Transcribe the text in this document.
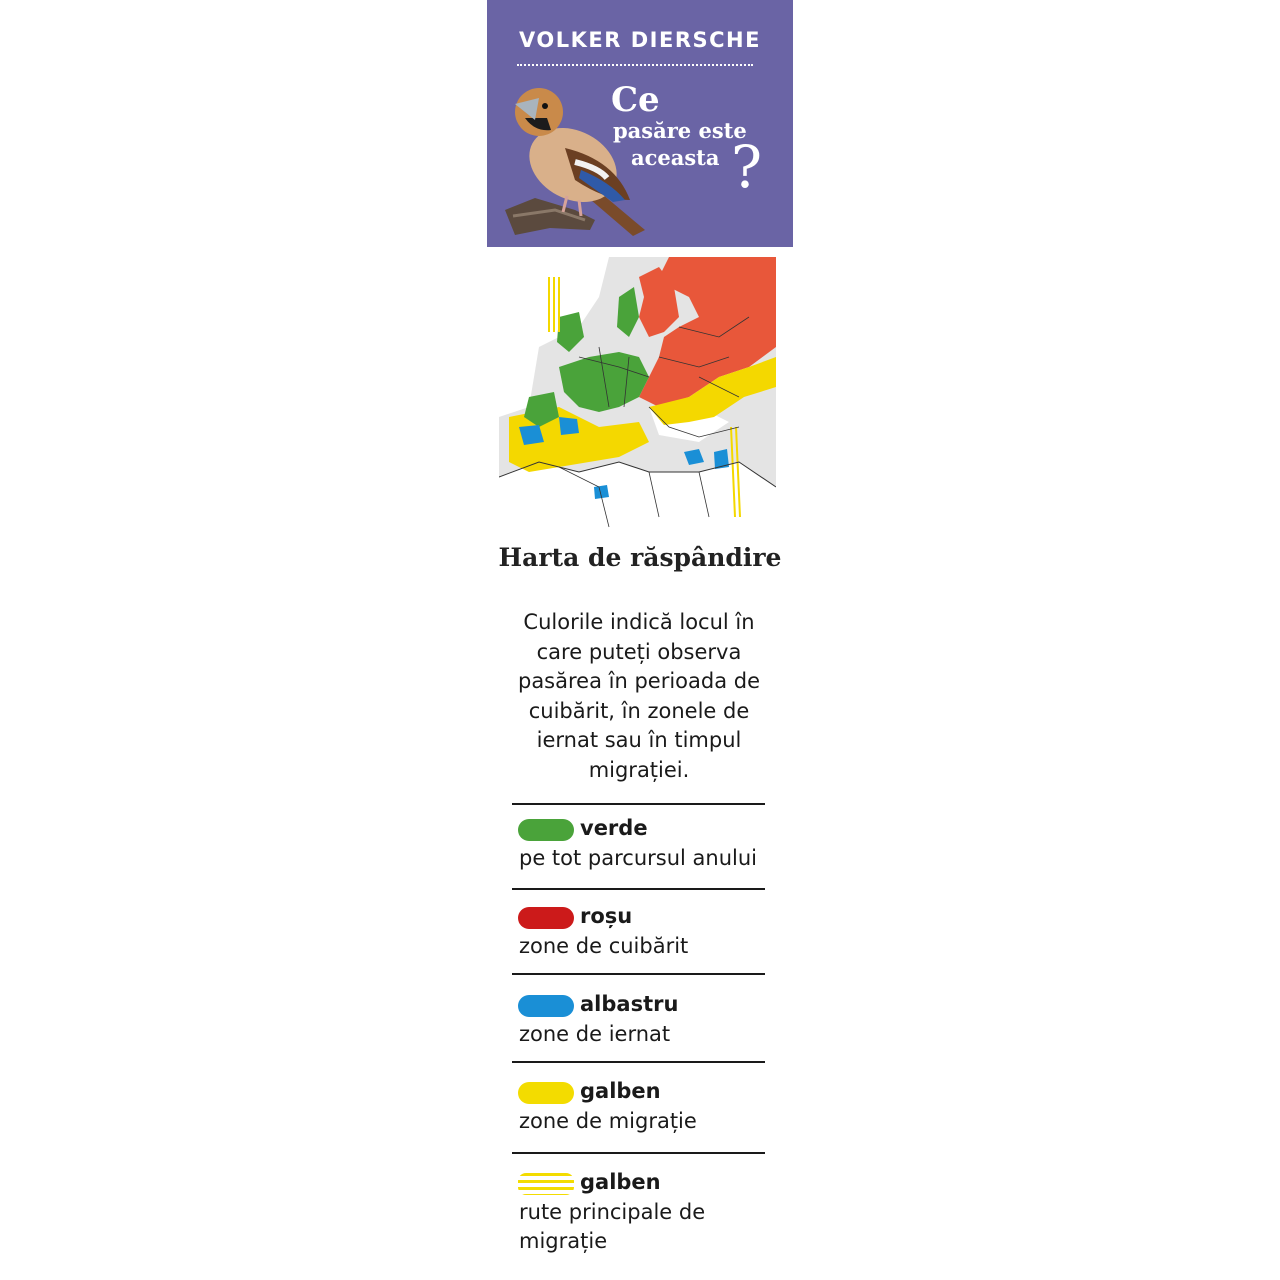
VOLKER DIERSCHE
Ce
pasăre este
aceasta ?
Harta de răspândire
Culorile indică locul în care puteți observa pasărea în perioada de cuibărit, în zonele de iernat sau în timpul migrației.
verde
pe tot parcursul anului
roșu
zone de cuibărit
albastru
zone de iernat
galben
zone de migrație
galben
rute principale de migrație
